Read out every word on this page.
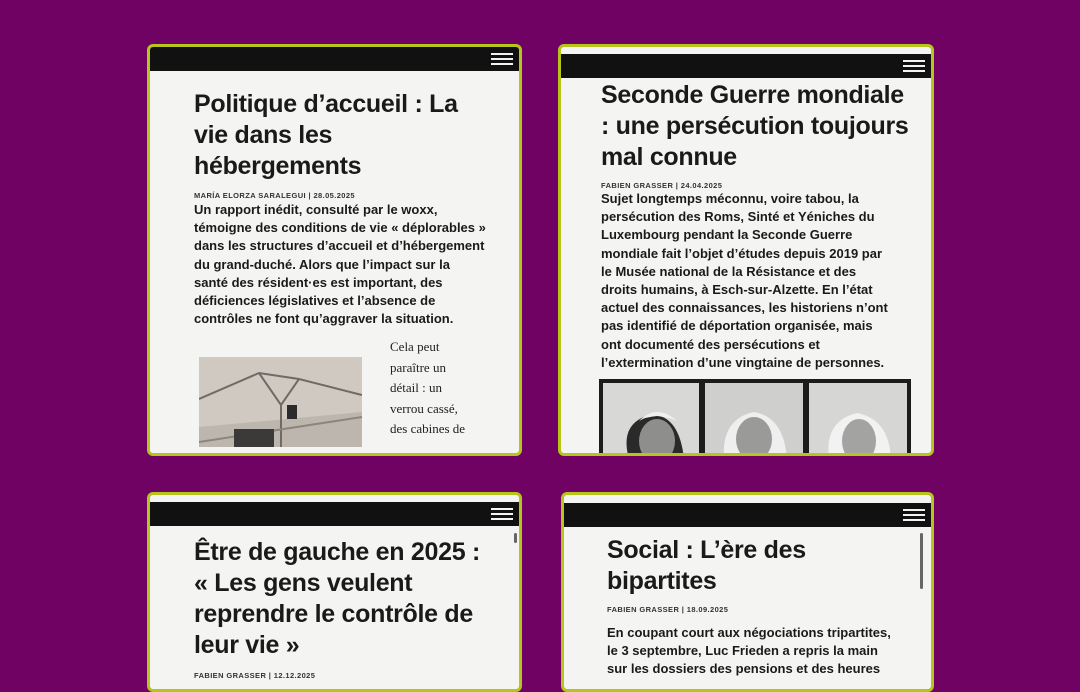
Politique d’accueil : La vie dans les hébergements
MARÍA ELORZA SARALEGUI | 28.05.2025

Un rapport inédit, consulté par le woxx, témoigne des conditions de vie « déplorables » dans les structures d’accueil et d’hébergement du grand-duché. Alors que l’impact sur la santé des résident·es est important, des déficiences législatives et l’absence de contrôles ne font qu’aggraver la situation.

Cela peut paraître un détail : un verrou cassé, des cabines de

Seconde Guerre mondiale : une persécution toujours mal connue
FABIEN GRASSER | 24.04.2025

Sujet longtemps méconnu, voire tabou, la persécution des Roms, Sinté et Yéniches du Luxembourg pendant la Seconde Guerre mondiale fait l’objet d’études depuis 2019 par le Musée national de la Résistance et des droits humains, à Esch-sur-Alzette. En l’état actuel des connaissances, les historiens n’ont pas identifié de déportation organisée, mais ont documenté des persécutions et l’extermination d’une vingtaine de personnes.

Être de gauche en 2025 : « Les gens veulent reprendre le contrôle de leur vie »
FABIEN GRASSER | 12.12.2025
Social : L’ère des bipartites
FABIEN GRASSER | 18.09.2025

En coupant court aux négociations tripartites, le 3 septembre, Luc Frieden a repris la main sur les dossiers des pensions et des heures
